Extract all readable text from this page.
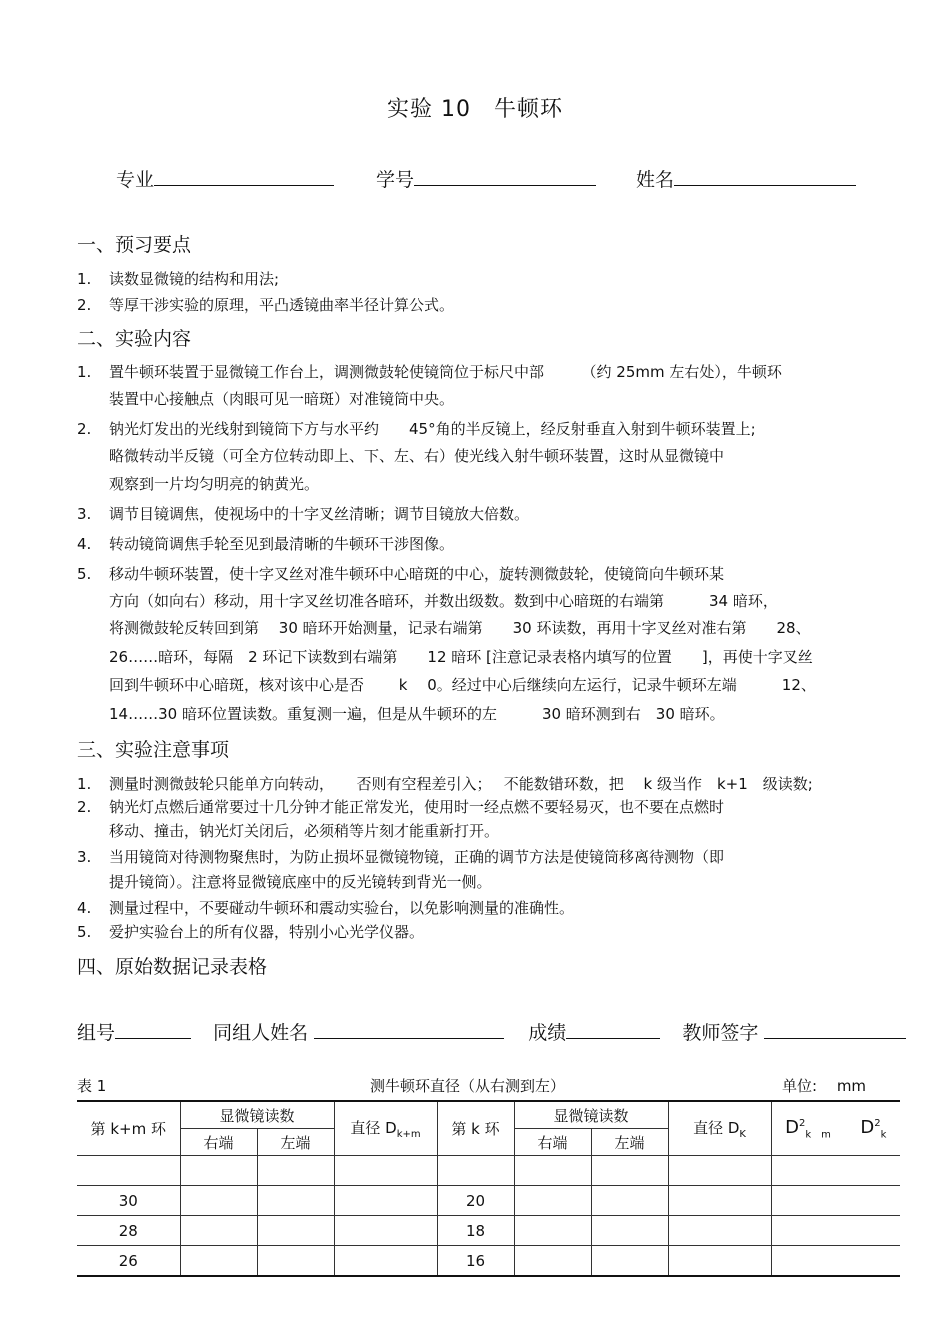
实验 10　牛顿环
专业	学号	姓名
一、预习要点
1. 读数显微镜的结构和用法;
2. 等厚干涉实验的原理，平凸透镜曲率半径计算公式。
二、实验内容
1. 置牛顿环装置于显微镜工作台上，调测微鼓轮使镜筒位于标尺中部　　　（约 25mm 左右处），牛顿环
装置中心接触点（肉眼可见一暗斑）对准镜筒中央。
2. 钠光灯发出的光线射到镜筒下方与水平约　　45°角的半反镜上，经反射垂直入射到牛顿环装置上;
略微转动半反镜（可全方位转动即上、下、左、右）使光线入射牛顿环装置，这时从显微镜中
观察到一片均匀明亮的钠黄光。
3. 调节目镜调焦，使视场中的十字叉丝清晰；调节目镜放大倍数。
4. 转动镜筒调焦手轮至见到最清晰的牛顿环干涉图像。
5. 移动牛顿环装置，使十字叉丝对准牛顿环中心暗斑的中心，旋转测微鼓轮，使镜筒向牛顿环某
方向（如向右）移动，用十字叉丝切准各暗环，并数出级数。数到中心暗斑的右端第　　　34 暗环，
将测微鼓轮反转回到第　 30 暗环开始测量，记录右端第　　30 环读数，再用十字叉丝对准右第　　28、
26……暗环，每隔　2 环记下读数到右端第　　12 暗环 [注意记录表格内填写的位置　　]，再使十字叉丝
回到牛顿环中心暗斑，核对该中心是否　　 k　 0。经过中心后继续向左运行，记录牛顿环左端　　　12、
14……30 暗环位置读数。重复测一遍，但是从牛顿环的左　　　30 暗环测到右　30 暗环。
三、实验注意事项
1. 测量时测微鼓轮只能单方向转动，　　否则有空程差引入；　 不能数错环数，把　 k 级当作　k+1　级读数;
2. 钠光灯点燃后通常要过十几分钟才能正常发光，使用时一经点燃不要轻易灭，也不要在点燃时
移动、撞击，钠光灯关闭后，必须稍等片刻才能重新打开。
3. 当用镜筒对待测物聚焦时，为防止损坏显微镜物镜，正确的调节方法是使镜筒移离待测物（即
提升镜筒）。注意将显微镜底座中的反光镜转到背光一侧。
4. 测量过程中，不要碰动牛顿环和震动实验台，以免影响测量的准确性。
5. 爱护实验台上的所有仪器，特别小心光学仪器。
四、原始数据记录表格
组号	同组人姓名	成绩	教师签字
表 1	测牛顿环直径（从右测到左）	单位:　 mm
第 k+m 环	显微镜读数		直径 $D_{k+m}$	第 k 环	显微镜读数		直径 $D_K$	$D^2_{k m}$ $D^2_k$
	右端	左端			右端	左端		

30				20				
28				18				
26				16				
